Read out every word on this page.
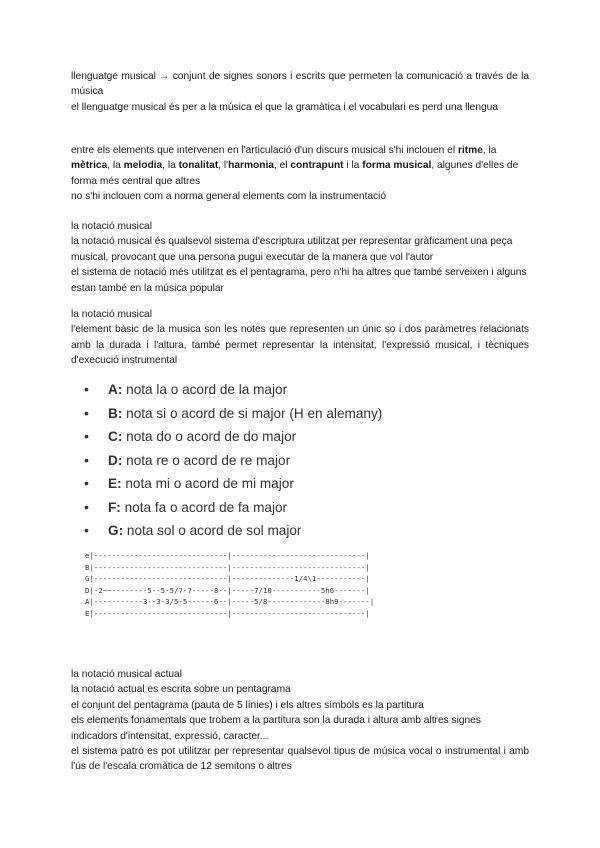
llenguatge musical → conjunt de signes sonors i escrits que permeten la comunicació a través de la música

el llenguatge musical és per a la música el que la gramàtica i el vocabulari es perd una llengua

entre els elements que intervenen en l'articulació d'un discurs musical s'hi inclouen el ritme, la mètrica, la melodia, la tonalitat, l'harmonia, el contrapunt i la forma musical, algunes d'elles de forma més central que altres

no s'hi inclouen com a norma general elements com la instrumentació

la notació musical

la notació musical és qualsevol sistema d'escriptura utilitzat per representar gràficament una peça musical, provocant que una persona pugui executar de la manera que vol l'autor

el sistema de notació més utilitzat es el pentagrama, pero n'hi ha altres que també serveixen i alguns estan també en la música popular

la notació musical

l'element bàsic de la musica son les notes que representen un únic so i dos paràmetres relacionats amb la durada i l'altura, també permet representar la intensitat, l'expressió musical, i tècniques d'execució instrumental

• A: nota la o acord de la major
• B: nota si o acord de si major (H en alemany)
• C: nota do o acord de do major
• D: nota re o acord de re major
• E: nota mi o acord de mi major
• F: nota fa o acord de fa major
• G: nota sol o acord de sol major
e|------------------------------|------------------------------|
B|------------------------------|------------------------------|
G|------------------------------|--------------1/4\1-----------|
D|-2~~--------5--5-5/7-7-----8--|-----7/10-----------5h6-------|
A|-----------3--3-3/5-5------6--|-----5/8-------------8h9-------|
E|------------------------------|------------------------------|

la notació musical actual

la notació actual es escrita sobre un pentagrama

el conjunt del pentagrama (pauta de 5 línies) i els altres símbols es la partitura

els elements fonamentals que trobem a la partitura son la durada i altura amb altres signes indicadors d'intensitat, expressió, caracter...

el sistema patró es pot utilitzar per representar qualsevol tipus de música vocal o instrumental i amb l'ús de l'escala cromàtica de 12 semitons o altres
